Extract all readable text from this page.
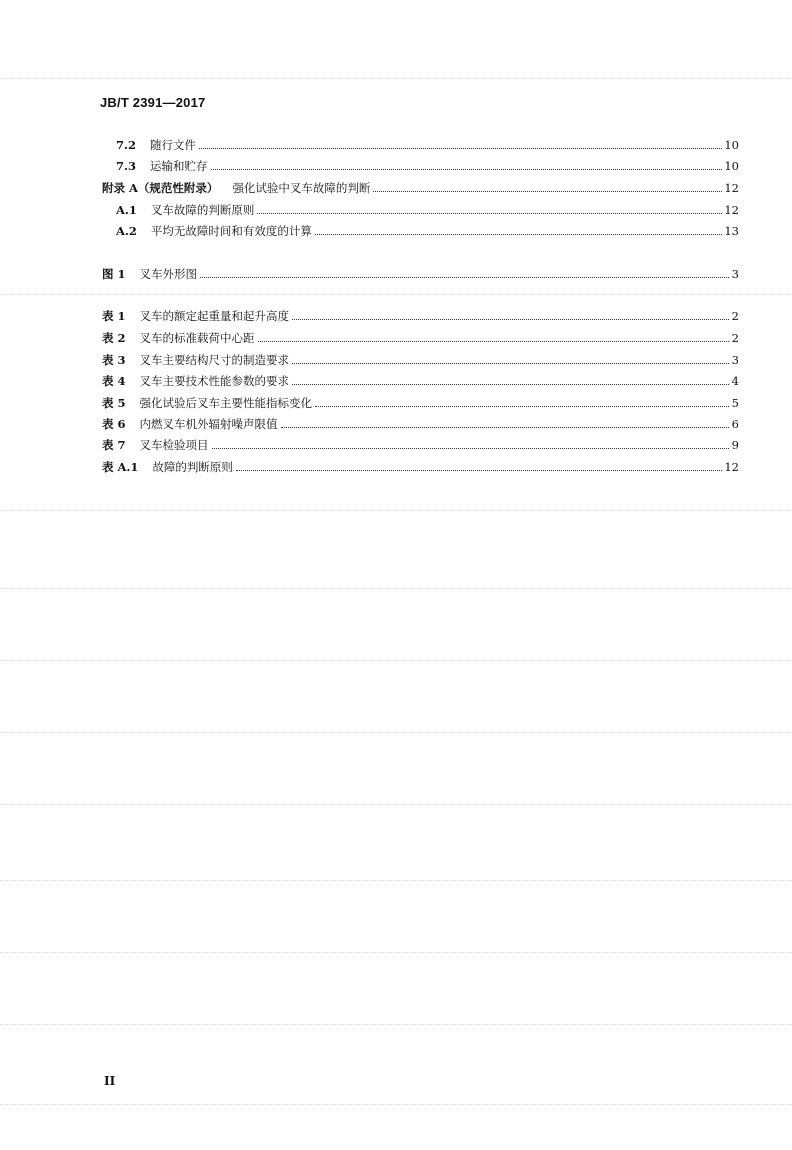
JB/T 2391—2017
7.2 随行文件	10
7.3 运输和贮存	10
附录 A（规范性附录） 强化试验中叉车故障的判断	12
A.1 叉车故障的判断原则	12
A.2 平均无故障时间和有效度的计算	13
图 1 叉车外形图	3
表 1 叉车的额定起重量和起升高度	2
表 2 叉车的标准载荷中心距	2
表 3 叉车主要结构尺寸的制造要求	3
表 4 叉车主要技术性能参数的要求	4
表 5 强化试验后叉车主要性能指标变化	5
表 6 内燃叉车机外辐射噪声限值	6
表 7 叉车检验项目	9
表 A.1 故障的判断原则	12
II
